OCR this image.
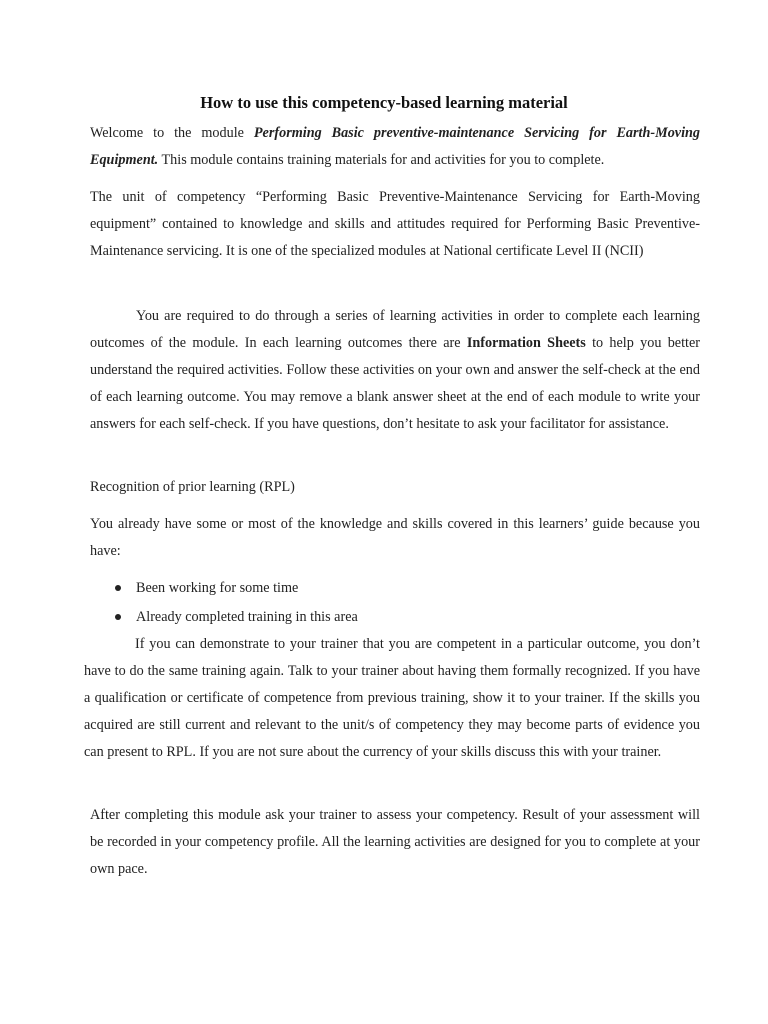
How to use this competency-based learning material
Welcome to the module Performing Basic preventive-maintenance Servicing for Earth-Moving Equipment. This module contains training materials for and activities for you to complete.
The unit of competency “Performing Basic Preventive-Maintenance Servicing for Earth-Moving equipment” contained to knowledge and skills and attitudes required for Performing Basic Preventive-Maintenance servicing. It is one of the specialized modules at National certificate Level II (NCII)
You are required to do through a series of learning activities in order to complete each learning outcomes of the module. In each learning outcomes there are Information Sheets to help you better understand the required activities. Follow these activities on your own and answer the self-check at the end of each learning outcome. You may remove a blank answer sheet at the end of each module to write your answers for each self-check. If you have questions, don’t hesitate to ask your facilitator for assistance.
Recognition of prior learning (RPL)
You already have some or most of the knowledge and skills covered in this learners’ guide because you have:
Been working for some time
Already completed training in this area
If you can demonstrate to your trainer that you are competent in a particular outcome, you don’t have to do the same training again. Talk to your trainer about having them formally recognized. If you have a qualification or certificate of competence from previous training, show it to your trainer. If the skills you acquired are still current and relevant to the unit/s of competency they may become parts of evidence you can present to RPL. If you are not sure about the currency of your skills discuss this with your trainer.
After completing this module ask your trainer to assess your competency. Result of your assessment will be recorded in your competency profile. All the learning activities are designed for you to complete at your own pace.
